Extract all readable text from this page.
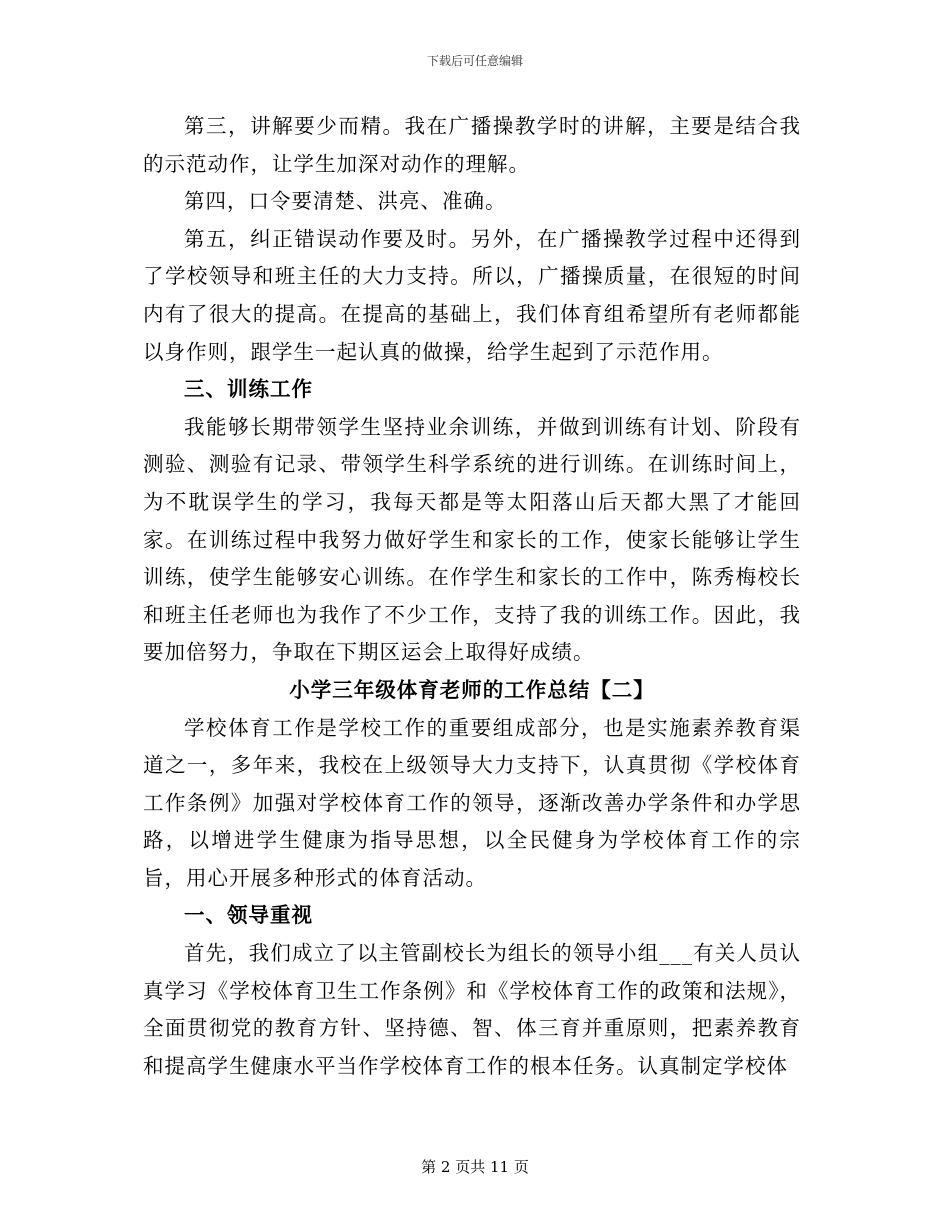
下载后可任意编辑

第三，讲解要少而精。我在广播操教学时的讲解，主要是结合我的示范动作，让学生加深对动作的理解。

第四，口令要清楚、洪亮、准确。

第五，纠正错误动作要及时。另外，在广播操教学过程中还得到了学校领导和班主任的大力支持。所以，广播操质量，在很短的时间内有了很大的提高。在提高的基础上，我们体育组希望所有老师都能以身作则，跟学生一起认真的做操，给学生起到了示范作用。

三、训练工作

我能够长期带领学生坚持业余训练，并做到训练有计划、阶段有测验、测验有记录、带领学生科学系统的进行训练。在训练时间上，为不耽误学生的学习，我每天都是等太阳落山后天都大黑了才能回家。在训练过程中我努力做好学生和家长的工作，使家长能够让学生训练，使学生能够安心训练。在作学生和家长的工作中，陈秀梅校长和班主任老师也为我作了不少工作，支持了我的训练工作。因此，我要加倍努力，争取在下期区运会上取得好成绩。

小学三年级体育老师的工作总结【二】

学校体育工作是学校工作的重要组成部分，也是实施素养教育渠道之一，多年来，我校在上级领导大力支持下，认真贯彻《学校体育工作条例》加强对学校体育工作的领导，逐渐改善办学条件和办学思路，以增进学生健康为指导思想，以全民健身为学校体育工作的宗旨，用心开展多种形式的体育活动。

一、领导重视

首先，我们成立了以主管副校长为组长的领导小组___有关人员认真学习《学校体育卫生工作条例》和《学校体育工作的政策和法规》，全面贯彻党的教育方针、坚持德、智、体三育并重原则，把素养教育和提高学生健康水平当作学校体育工作的根本任务。认真制定学校体

第 2 页共 11 页
